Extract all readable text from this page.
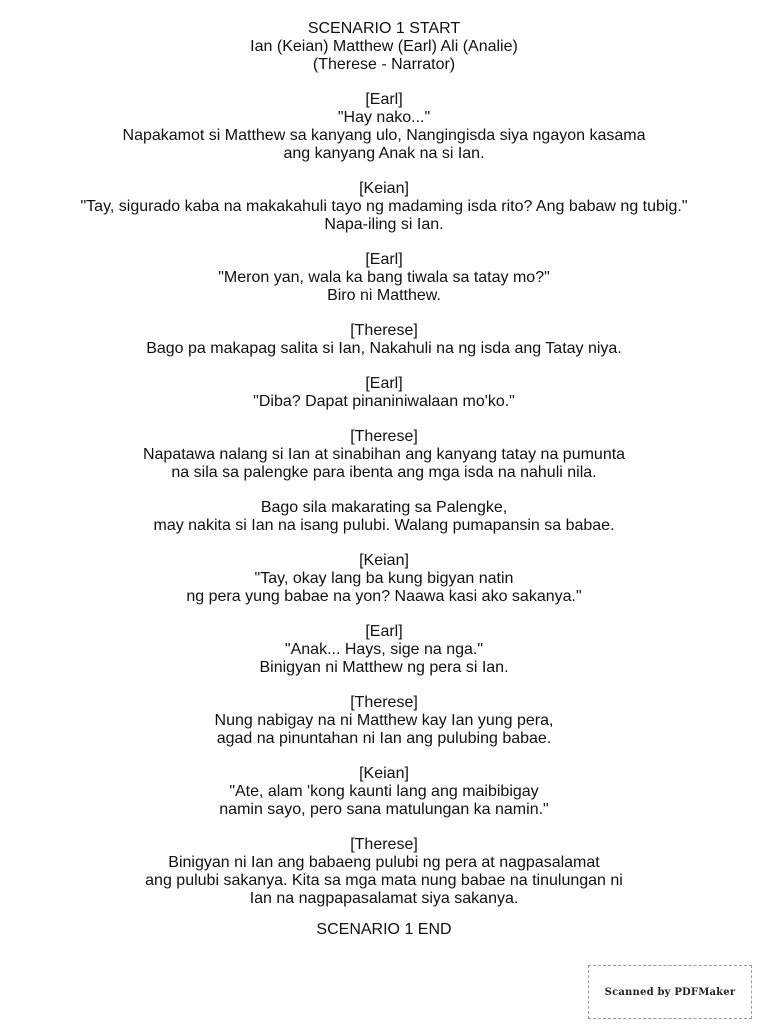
SCENARIO 1 START
Ian (Keian) Matthew (Earl) Ali (Analie)
(Therese - Narrator)
[Earl]
"Hay nako..."
Napakamot si Matthew sa kanyang ulo, Nangingisda siya ngayon kasama
ang kanyang Anak na si Ian.
[Keian]
"Tay, sigurado kaba na makakahuli tayo ng madaming isda rito? Ang babaw ng tubig."
Napa-iling si Ian.
[Earl]
"Meron yan, wala ka bang tiwala sa tatay mo?"
Biro ni Matthew.
[Therese]
Bago pa makapag salita si Ian, Nakahuli na ng isda ang Tatay niya.
[Earl]
"Diba? Dapat pinaniniwalaan mo'ko."
[Therese]
Napatawa nalang si Ian at sinabihan ang kanyang tatay na pumunta
na sila sa palengke para ibenta ang mga isda na nahuli nila.
Bago sila makarating sa Palengke,
may nakita si Ian na isang pulubi. Walang pumapansin sa babae.
[Keian]
"Tay, okay lang ba kung bigyan natin
ng pera yung babae na yon? Naawa kasi ako sakanya."
[Earl]
"Anak... Hays, sige na nga."
Binigyan ni Matthew ng pera si Ian.
[Therese]
Nung nabigay na ni Matthew kay Ian yung pera,
agad na pinuntahan ni Ian ang pulubing babae.
[Keian]
"Ate, alam 'kong kaunti lang ang maibibigay
namin sayo, pero sana matulungan ka namin."
[Therese]
Binigyan ni Ian ang babaeng pulubi ng pera at nagpasalamat
ang pulubi sakanya. Kita sa mga mata nung babae na tinulungan ni
Ian na nagpapasalamat siya sakanya.
SCENARIO 1 END
Scanned by PDFMaker
